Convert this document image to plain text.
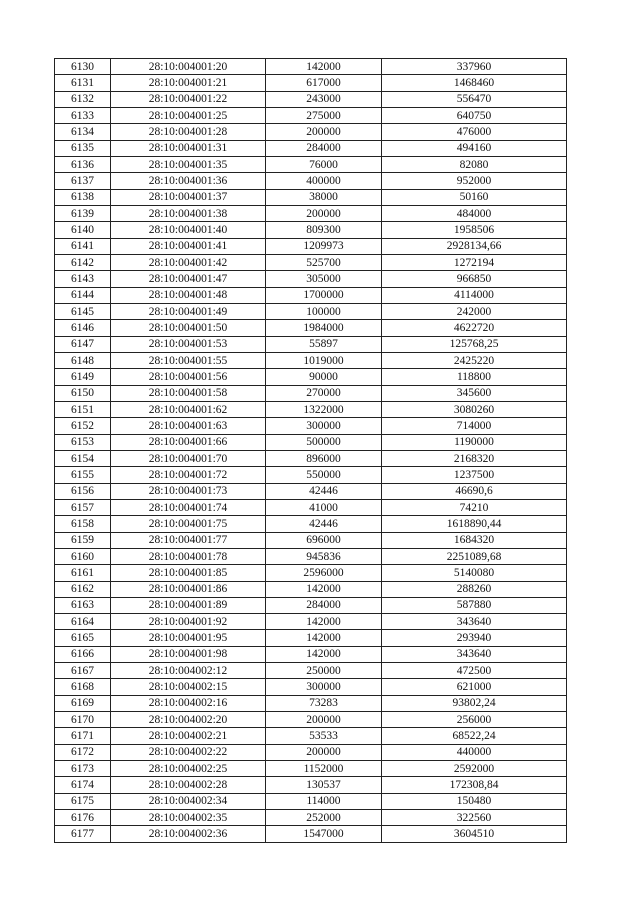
6130	28:10:004001:20	142000	337960
6131	28:10:004001:21	617000	1468460
6132	28:10:004001:22	243000	556470
6133	28:10:004001:25	275000	640750
6134	28:10:004001:28	200000	476000
6135	28:10:004001:31	284000	494160
6136	28:10:004001:35	76000	82080
6137	28:10:004001:36	400000	952000
6138	28:10:004001:37	38000	50160
6139	28:10:004001:38	200000	484000
6140	28:10:004001:40	809300	1958506
6141	28:10:004001:41	1209973	2928134,66
6142	28:10:004001:42	525700	1272194
6143	28:10:004001:47	305000	966850
6144	28:10:004001:48	1700000	4114000
6145	28:10:004001:49	100000	242000
6146	28:10:004001:50	1984000	4622720
6147	28:10:004001:53	55897	125768,25
6148	28:10:004001:55	1019000	2425220
6149	28:10:004001:56	90000	118800
6150	28:10:004001:58	270000	345600
6151	28:10:004001:62	1322000	3080260
6152	28:10:004001:63	300000	714000
6153	28:10:004001:66	500000	1190000
6154	28:10:004001:70	896000	2168320
6155	28:10:004001:72	550000	1237500
6156	28:10:004001:73	42446	46690,6
6157	28:10:004001:74	41000	74210
6158	28:10:004001:75	42446	1618890,44
6159	28:10:004001:77	696000	1684320
6160	28:10:004001:78	945836	2251089,68
6161	28:10:004001:85	2596000	5140080
6162	28:10:004001:86	142000	288260
6163	28:10:004001:89	284000	587880
6164	28:10:004001:92	142000	343640
6165	28:10:004001:95	142000	293940
6166	28:10:004001:98	142000	343640
6167	28:10:004002:12	250000	472500
6168	28:10:004002:15	300000	621000
6169	28:10:004002:16	73283	93802,24
6170	28:10:004002:20	200000	256000
6171	28:10:004002:21	53533	68522,24
6172	28:10:004002:22	200000	440000
6173	28:10:004002:25	1152000	2592000
6174	28:10:004002:28	130537	172308,84
6175	28:10:004002:34	114000	150480
6176	28:10:004002:35	252000	322560
6177	28:10:004002:36	1547000	3604510
